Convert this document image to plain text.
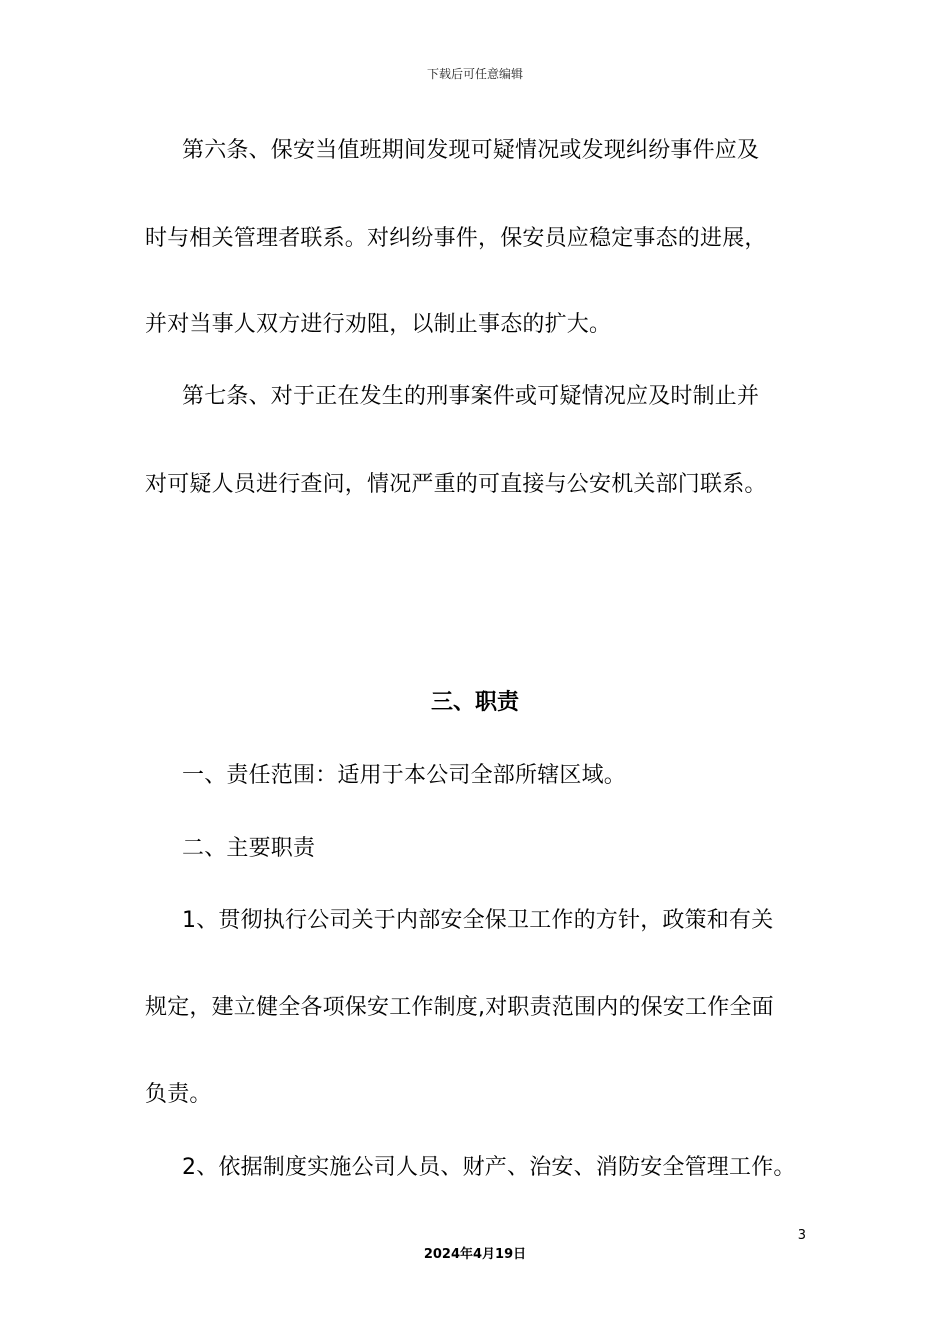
下载后可任意编辑
第六条、保安当值班期间发现可疑情况或发现纠纷事件应及
时与相关管理者联系。对纠纷事件，保安员应稳定事态的进展，
并对当事人双方进行劝阻，以制止事态的扩大。
第七条、对于正在发生的刑事案件或可疑情况应及时制止并
对可疑人员进行查问，情况严重的可直接与公安机关部门联系。
三、职责
一、责任范围：适用于本公司全部所辖区域。
二、主要职责
1、贯彻执行公司关于内部安全保卫工作的方针，政策和有关
规定，建立健全各项保安工作制度,对职责范围内的保安工作全面
负责。
2、依据制度实施公司人员、财产、治安、消防安全管理工作。
3
2024年4月19日
